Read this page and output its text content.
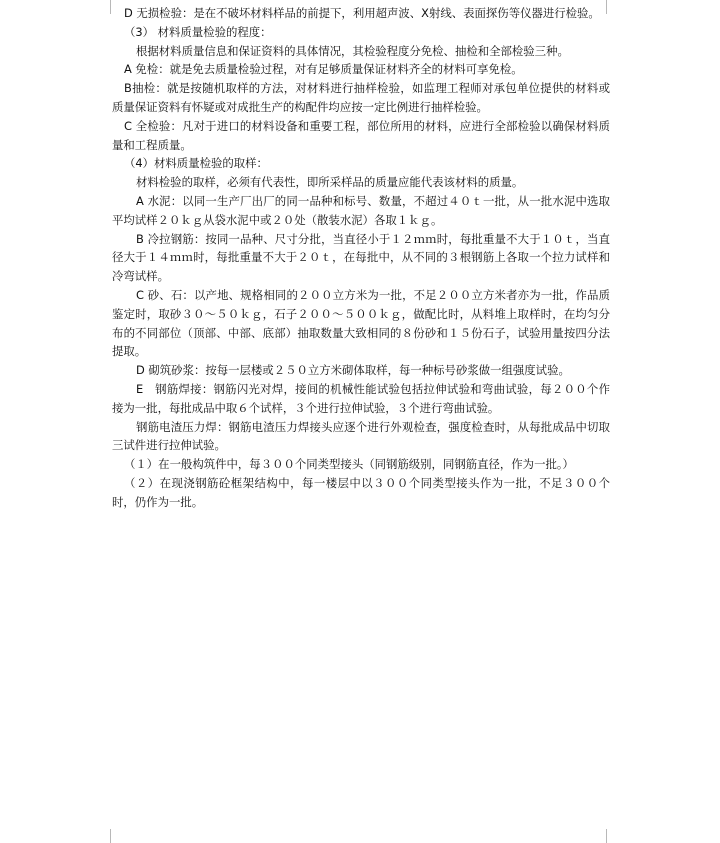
D 无损检验：是在不破坏材料样品的前提下，利用超声波、X射线、表面探伤等仪器进行检验。

（3） 材料质量检验的程度：

根据材料质量信息和保证资料的具体情况，其检验程度分免检、抽检和全部检验三种。

A 免检：就是免去质量检验过程，对有足够质量保证材料齐全的材料可享免检。

B抽检：就是按随机取样的方法，对材料进行抽样检验，如监理工程师对承包单位提供的材料或质量保证资料有怀疑或对成批生产的构配件均应按一定比例进行抽样检验。

C 全检验：凡对于进口的材料设备和重要工程，部位所用的材料，应进行全部检验以确保材料质量和工程质量。

（4）材料质量检验的取样：

材料检验的取样，必须有代表性，即所采样品的质量应能代表该材料的质量。

A 水泥：以同一生产厂出厂的同一品种和标号、数量，不超过４０ｔ一批，从一批水泥中选取平均试样２０ｋｇ从袋水泥中或２０处（散装水泥）各取１ｋｇ。

B 冷拉钢筋：按同一品种、尺寸分批，当直径小于１２ｍｍ时，每批重量不大于１０ｔ，当直径大于１４ｍｍ时，每批重量不大于２０ｔ，在每批中，从不同的３根钢筋上各取一个拉力试样和冷弯试样。

C 砂、石：以产地、规格相同的２００立方米为一批，不足２００立方米者亦为一批，作品质鉴定时，取砂３０～５０ｋｇ，石子２００～５００ｋｇ，做配比时，从料堆上取样时，在均匀分布的不同部位（顶部、中部、底部）抽取数量大致相同的８份砂和１５份石子，试验用量按四分法提取。

D 砌筑砂浆：按每一层楼或２５０立方米砌体取样，每一种标号砂浆做一组强度试验。

E　钢筋焊接：钢筋闪光对焊，接间的机械性能试验包括拉伸试验和弯曲试验，每２００个作接为一批，每批成品中取６个试样，３个进行拉伸试验，３个进行弯曲试验。

钢筋电渣压力焊：钢筋电渣压力焊接头应逐个进行外观检查，强度检查时，从每批成品中切取三试件进行拉伸试验。

（１）在一般构筑件中，每３００个同类型接头（同钢筋级别，同钢筋直径，作为一批。）

（２）在现浇钢筋砼框架结构中，每一楼层中以３００个同类型接头作为一批，不足３００个时，仍作为一批。
